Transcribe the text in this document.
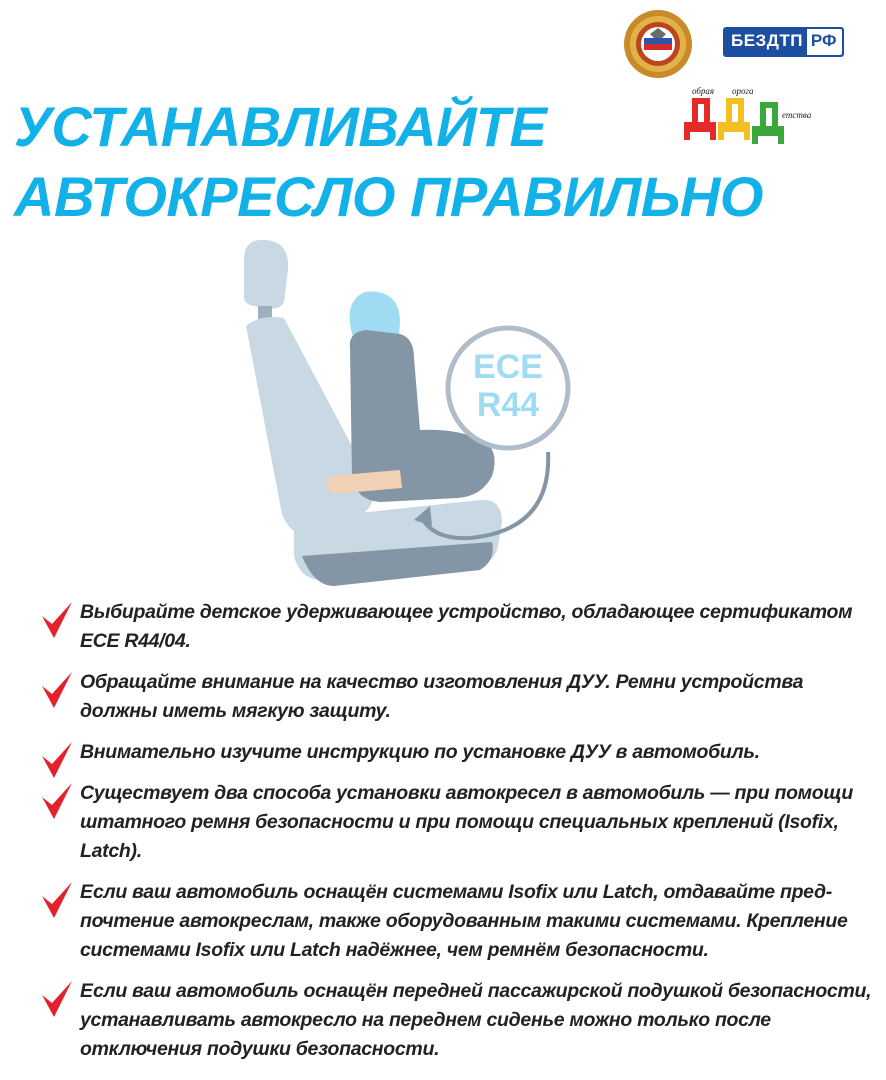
БЕЗДТП РФ
обрая орога
етства
УСТАНАВЛИВАЙТЕ
АВТОКРЕСЛО ПРАВИЛЬНО
ECE
R44
Выбирайте детское удерживающее устройство, обладающее сертификатом ECE R44/04.
Обращайте внимание на качество изготовления ДУУ. Ремни устройства должны иметь мягкую защиту.
Внимательно изучите инструкцию по установке ДУУ в автомобиль.
Существует два способа установки автокресел в автомобиль — при помощи штатного ремня безопасности и при помощи специальных креплений (Isofix, Latch).
Если ваш автомобиль оснащён системами Isofix или Latch, отдавайте предпочтение автокреслам, также оборудованным такими системами. Крепление системами Isofix или Latch надёжнее, чем ремнём безопасности.
Если ваш автомобиль оснащён передней пассажирской подушкой безопасности, устанавливать автокресло на переднем сиденье можно только после отключения подушки безопасности.
